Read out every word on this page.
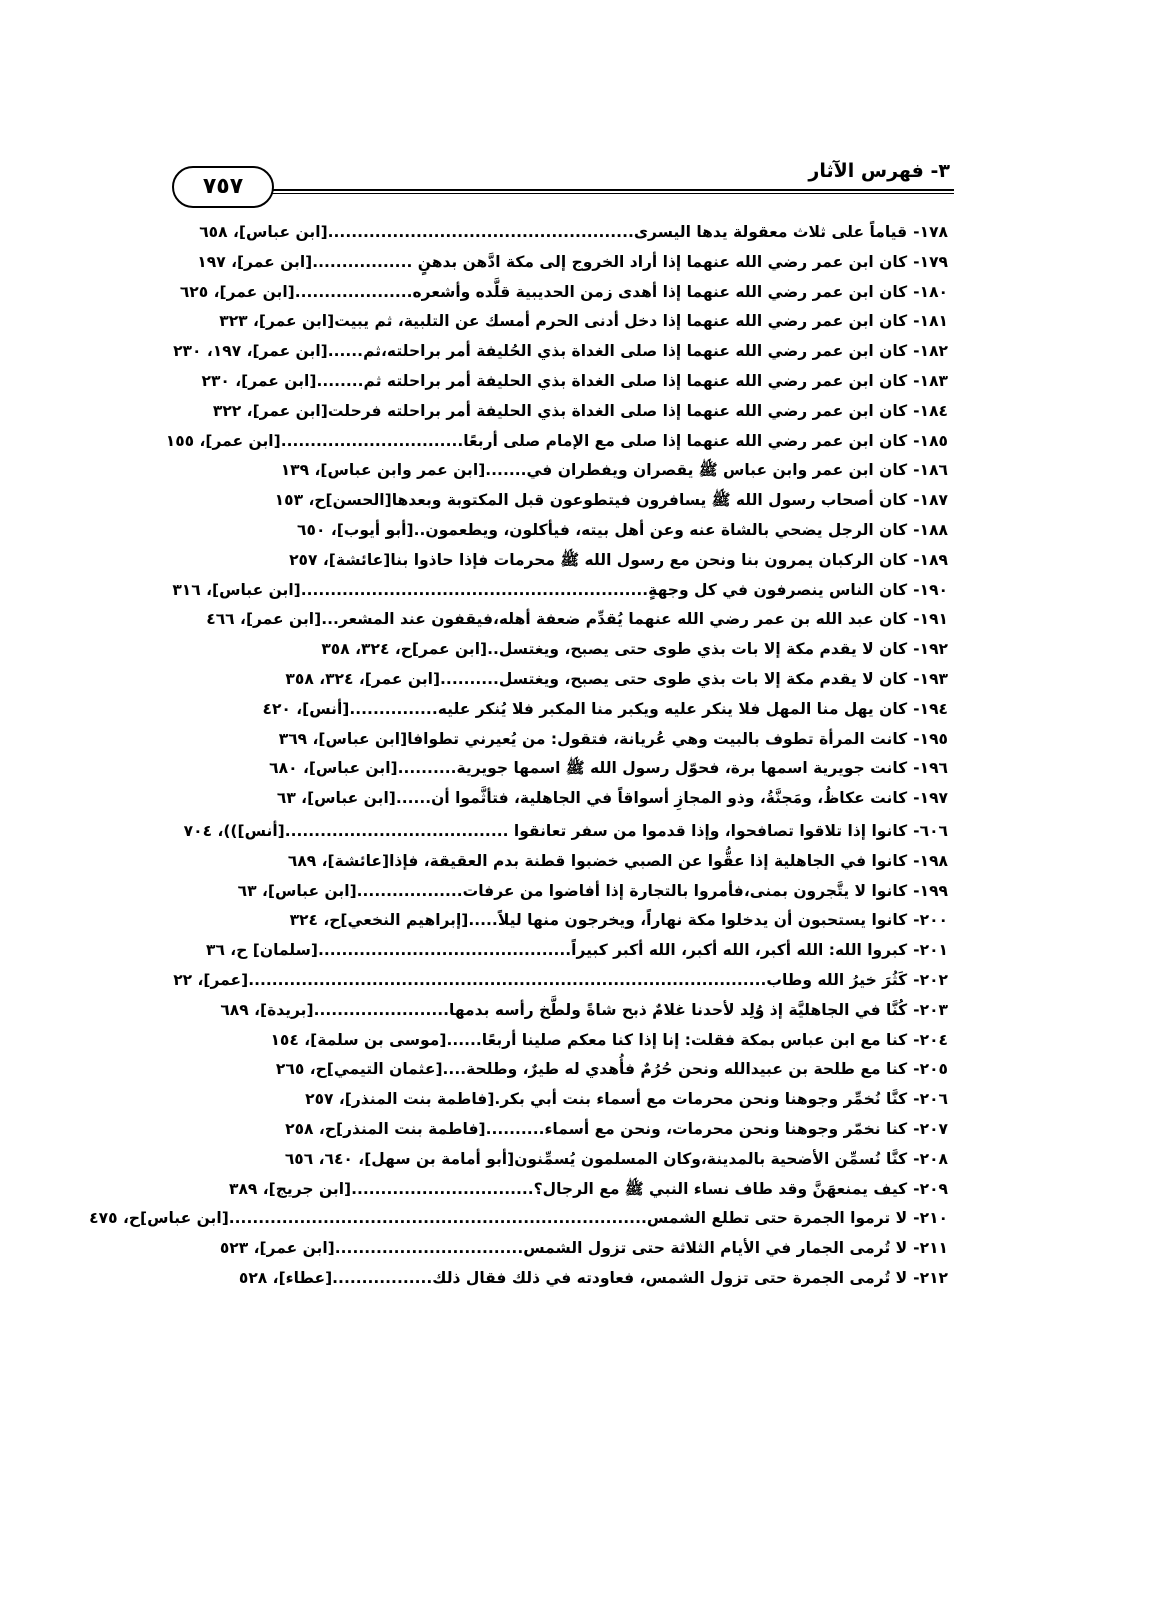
٣- فهرس الآثار
٧٥٧
١٧٨-
قياماً على ثلاث معقولة يدها اليسرى....................................................
[ابن عباس]، ٦٥٨
١٧٩-
كان ابن عمر رضي الله عنهما إذا أراد الخروج إلى مكة ادَّهن بدهنٍ .................
[ابن عمر]، ١٩٧
١٨٠-
كان ابن عمر رضي الله عنهما إذا أهدى زمن الحديبية قلَّده وأشعره....................
[ابن عمر]، ٦٢٥
١٨١-
كان ابن عمر رضي الله عنهما إذا دخل أدنى الحرم أمسك عن التلبية، ثم يبيت
[ابن عمر]، ٣٢٣
١٨٢-
كان ابن عمر رضي الله عنهما إذا صلى الغداة بذي الحُليفة أمر براحلته،ثم......
[ابن عمر]، ١٩٧، ٢٣٠
١٨٣-
كان ابن عمر رضي الله عنهما إذا صلى الغداة بذي الحليفة أمر براحلته ثم........
[ابن عمر]، ٢٣٠
١٨٤-
كان ابن عمر رضي الله عنهما إذا صلى الغداة بذي الحليفة أمر براحلته فرحلت
[ابن عمر]، ٣٢٢
١٨٥-
كان ابن عمر رضي الله عنهما إذا صلى مع الإمام صلى أربعًا...............................
[ابن عمر]، ١٥٥
١٨٦-
كان ابن عمر وابن عباس ﷺ يقصران ويفطران في.......
[ابن عمر وابن عباس]، ١٣٩
١٨٧-
كان أصحاب رسول الله ﷺ يسافرون فيتطوعون قبل المكتوبة وبعدها
[الحسن]ح، ١٥٣
١٨٨-
كان الرجل يضحي بالشاة عنه وعن أهل بيته، فيأكلون، ويطعمون..
[أبو أيوب]، ٦٥٠
١٨٩-
كان الركبان يمرون بنا ونحن مع رسول الله ﷺ محرمات فإذا حاذوا بنا
[عائشة]، ٢٥٧
١٩٠-
كان الناس ينصرفون في كل وجهةٍ...........................................................
[ابن عباس]، ٣١٦
١٩١-
كان عبد الله بن عمر رضي الله عنهما يُقدِّم ضعفة أهله،فيقفون عند المشعر...
[ابن عمر]، ٤٦٦
١٩٢-
كان لا يقدم مكة إلا بات بذي طوى حتى يصبح، ويغتسل..
[ابن عمر]ح، ٣٢٤، ٣٥٨
١٩٣-
كان لا يقدم مكة إلا بات بذي طوى حتى يصبح، ويغتسل..........
[ابن عمر]، ٣٢٤، ٣٥٨
١٩٤-
كان يهل منا المهل فلا ينكر عليه ويكبر منا المكبر فلا يُنكر عليه...............
[أنس]، ٤٢٠
١٩٥-
كانت المرأة تطوف بالبيت وهي عُريانة، فتقول: من يُعيرني تطوافا
[ابن عباس]، ٣٦٩
١٩٦-
كانت جويرية اسمها برة، فحوّل رسول الله ﷺ اسمها جويرية..........
[ابن عباس]، ٦٨٠
١٩٧-
كانت عكاظُ، ومَجنَّةُ، وذو المجازِ أسواقاً في الجاهلية، فتأثَّموا أن......
[ابن عباس]، ٦٣
٦٠٦-
كانوا إذا تلاقوا تصافحوا، وإذا قدموا من سفر تعانقوا ......................................
[أنس]))، ٧٠٤
١٩٨-
كانوا في الجاهلية إذا عقُّوا عن الصبي خضبوا قطنة بدم العقيقة، فإذا
[عائشة]، ٦٨٩
١٩٩-
كانوا لا يتَّجرون بمنى،فأمروا بالتجارة إذا أفاضوا من عرفات..................
[ابن عباس]، ٦٣
٢٠٠-
كانوا يستحبون أن يدخلوا مكة نهاراً، ويخرجون منها ليلاً.....
[إبراهيم النخعي]ح، ٣٢٤
٢٠١-
كبروا الله: الله أكبر، الله أكبر، الله أكبر كبيراً...........................................
[سلمان] ح، ٣٦
٢٠٢-
كَثُرَ خيرُ الله وطاب........................................................................................
[عمر]، ٢٢
٢٠٣-
كُنَّا في الجاهليَّة إذ وُلِد لأحدنا غلامٌ ذبح شاةً ولطَّخ رأسه بدمها.......................
[بريدة]، ٦٨٩
٢٠٤-
كنا مع ابن عباس بمكة فقلت: إنا إذا كنا معكم صلينا أربعًا......
[موسى بن سلمة]، ١٥٤
٢٠٥-
كنا مع طلحة بن عبيدالله ونحن حُرُمٌ فأُهدي له طيرٌ، وطلحة....
[عثمان التيمي]ح، ٢٦٥
٢٠٦-
كنَّا نُخمِّر وجوهنا ونحن محرمات مع أسماء بنت أبي بكر.
[فاطمة بنت المنذر]، ٢٥٧
٢٠٧-
كنا نخمّر وجوهنا ونحن محرمات، ونحن مع أسماء..........
[فاطمة بنت المنذر]ح، ٢٥٨
٢٠٨-
كنَّا نُسمِّن الأضحية بالمدينة،وكان المسلمون يُسمِّنون
[أبو أمامة بن سهل]، ٦٤٠، ٦٥٦
٢٠٩-
كيف يمنعهَنَّ وقد طاف نساء النبي ﷺ مع الرجال؟...............................
[ابن جريج]، ٣٨٩
٢١٠-
لا ترموا الجمرة حتى تطلع الشمس.......................................................................
[ابن عباس]ح، ٤٧٥
٢١١-
لا تُرمى الجمار في الأيام الثلاثة حتى تزول الشمس................................
[ابن عمر]، ٥٢٣
٢١٢-
لا تُرمى الجمرة حتى تزول الشمس، فعاودته في ذلك فقال ذلك.................
[عطاء]، ٥٢٨
